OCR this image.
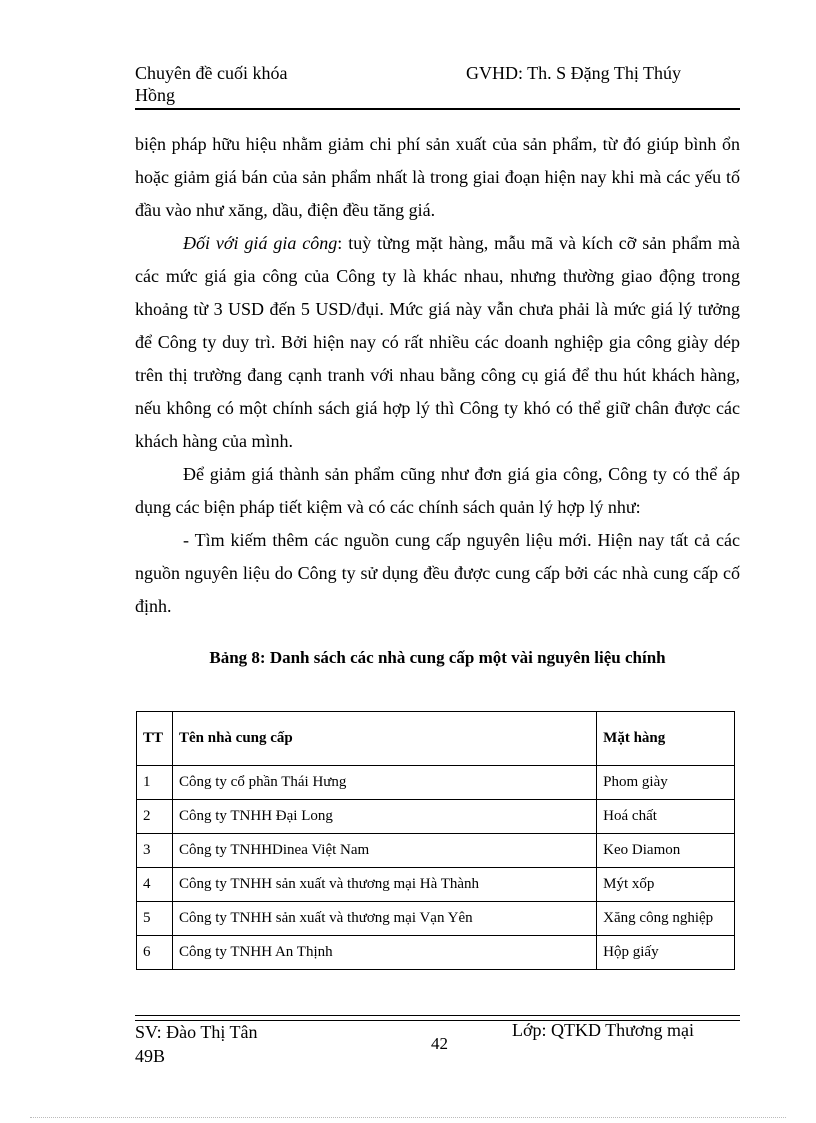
Chuyên đề cuối khóa
Hồng
GVHD: Th. S Đặng Thị Thúy

biện pháp hữu hiệu nhằm giảm chi phí sản xuất của sản phẩm, từ đó giúp bình ổn hoặc giảm giá bán của sản phẩm nhất là trong giai đoạn hiện nay khi mà các yếu tố đầu vào như xăng, dầu, điện đều tăng giá.

Đối với giá gia công: tuỳ từng mặt hàng, mẫu mã và kích cỡ sản phẩm mà các mức giá gia công của Công ty là khác nhau, nhưng thường giao động trong khoảng từ 3 USD đến 5 USD/đụi. Mức giá này vẫn chưa phải là mức giá lý tưởng để Công ty duy trì. Bởi hiện nay có rất nhiều các doanh nghiệp gia công giày dép trên thị trường đang cạnh tranh với nhau bằng công cụ giá để thu hút khách hàng, nếu không có một chính sách giá hợp lý thì Công ty khó có thể giữ chân được các khách hàng của mình.

Để giảm giá thành sản phẩm cũng như đơn giá gia công, Công ty có thể áp dụng các biện pháp tiết kiệm và có các chính sách quản lý hợp lý như:

- Tìm kiếm thêm các nguồn cung cấp nguyên liệu mới. Hiện nay tất cả các nguồn nguyên liệu do Công ty sử dụng đều được cung cấp bởi các nhà cung cấp cố định.

Bảng 8: Danh sách các nhà cung cấp một vài nguyên liệu chính
TT	Tên nhà cung cấp	Mặt hàng
1	Công ty cổ phần Thái Hưng	Phom giày
2	Công ty TNHH Đại Long	Hoá chất
3	Công ty TNHHDinea Việt Nam	Keo Diamon
4	Công ty TNHH sản xuất và thương mại Hà Thành	Mýt xốp
5	Công ty TNHH sản xuất và thương mại Vạn Yên	Xăng công nghiệp
6	Công ty TNHH An Thịnh	Hộp giấy
SV: Đào Thị Tân
49B
42
Lớp: QTKD Thương mại
